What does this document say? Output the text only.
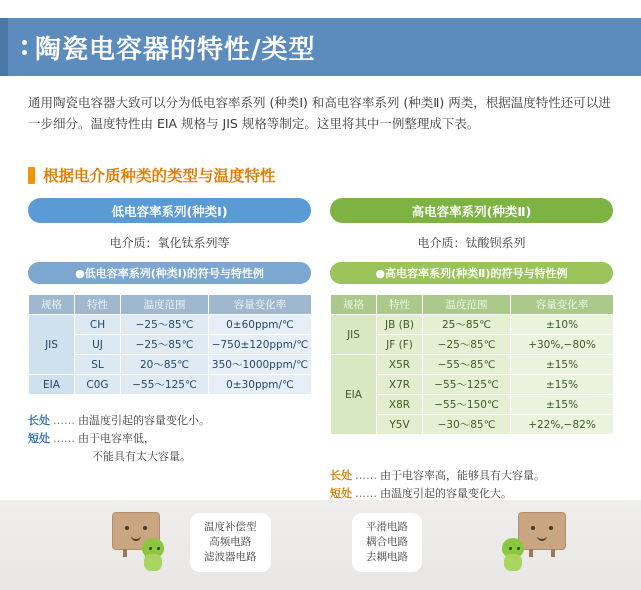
陶瓷电容器的特性/类型

通用陶瓷电容器大致可以分为低电容率系列 (种类Ⅰ) 和高电容率系列 (种类Ⅱ) 两类，根据温度特性还可以进一步细分。温度特性由 EIA 规格与 JIS 规格等制定。这里将其中一例整理成下表。

根据电介质种类的类型与温度特性
低电容率系列(种类Ⅰ)
电介质：氧化钛系列等
●低电容率系列(种类Ⅰ)的符号与特性例
规格	特性	温度范围	容量变化率
JIS	CH	−25～85℃	0±60ppm/℃
	UJ	−25～85℃	−750±120ppm/℃
	SL	20～85℃	350～1000ppm/℃
EIA	C0G	−55～125℃	0±30ppm/℃
高电容率系列(种类Ⅱ)
电介质：钛酸钡系列
●高电容率系列(种类Ⅱ)的符号与特性例
规格	特性	温度范围	容量变化率
JIS	JB (B)	25～85℃	±10%
	JF (F)	−25～85℃	+30%,−80%
EIA	X5R	−55～85℃	±15%
	X7R	−55～125℃	±15%
	X8R	−55～150℃	±15%
	Y5V	−30～85℃	+22%,−82%
长处 …… 由温度引起的容量变化小。
短处 …… 由于电容率低，
不能具有太大容量。
长处 …… 由于电容率高，能够具有大容量。
短处 …… 由温度引起的容量变化大。
温度补偿型
高频电路
滤波器电路
平滑电路
耦合电路
去耦电路
